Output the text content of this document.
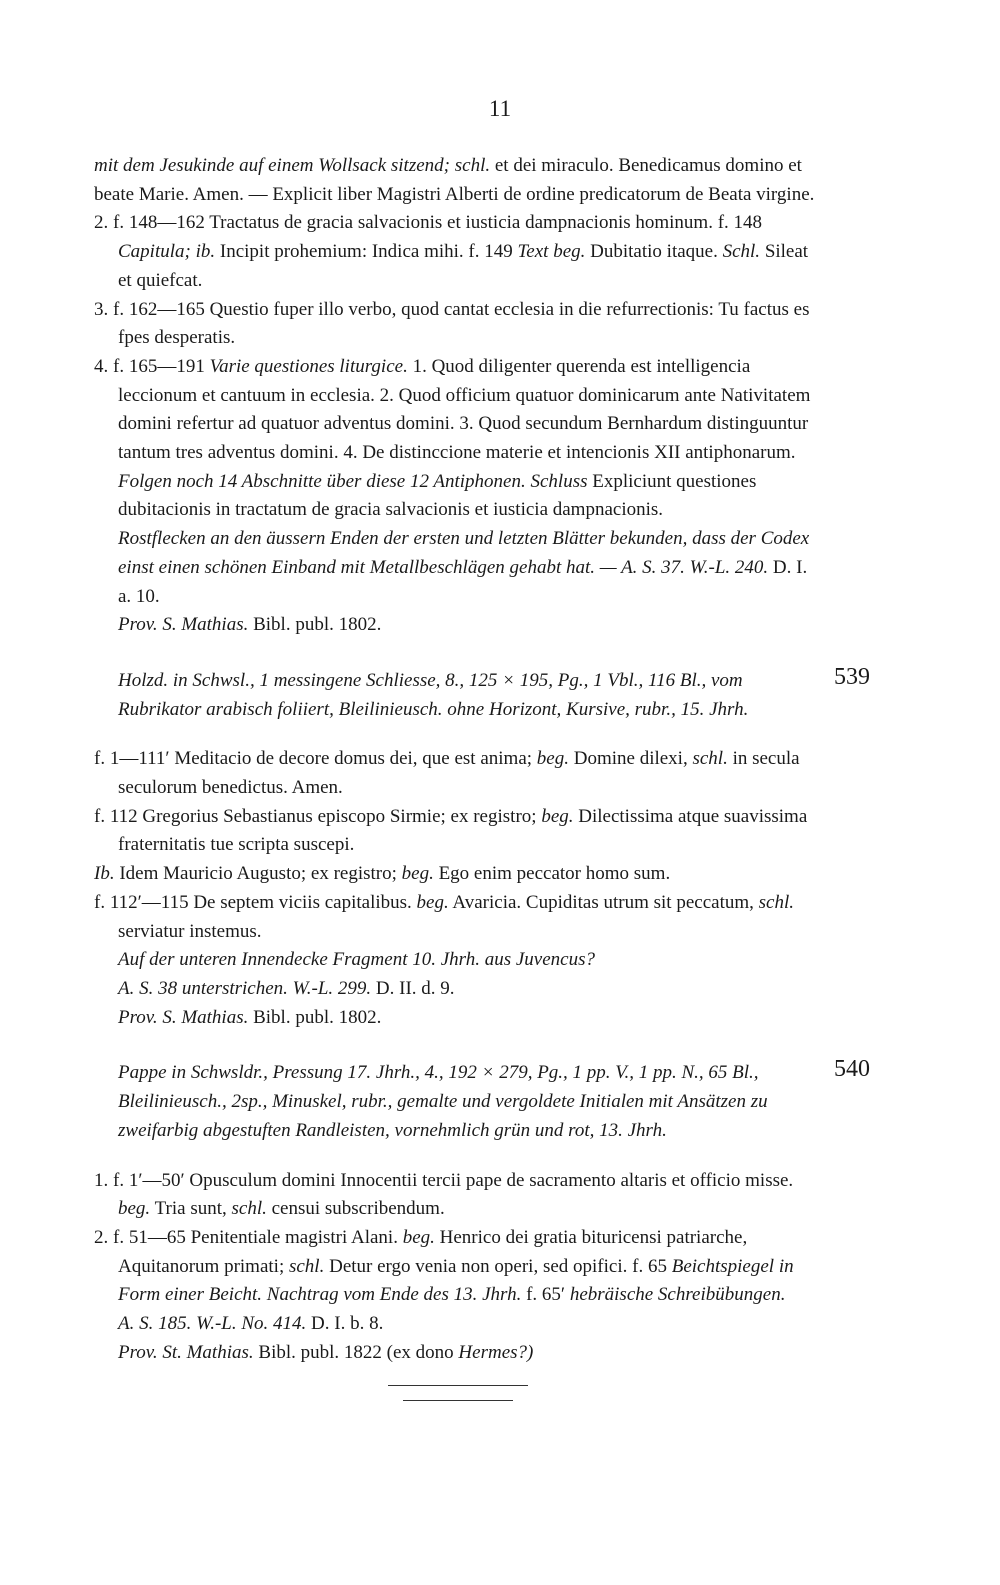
11

mit dem Jesukinde auf einem Wollsack sitzend; schl. et dei miraculo. Benedicamus domino et beate Marie. Amen. — Explicit liber Magistri Alberti de ordine predicatorum de Beata virgine.

2. f. 148—162 Tractatus de gracia salvacionis et iusticia dampnacionis hominum. f. 148 Capitula; ib. Incipit prohemium: Indica mihi. f. 149 Text beg. Dubitatio itaque. Schl. Sileat et quiefcat.

3. f. 162—165 Questio fuper illo verbo, quod cantat ecclesia in die refurrectionis: Tu factus es fpes desperatis.

4. f. 165—191 Varie questiones liturgice. 1. Quod diligenter querenda est intelligencia leccionum et cantuum in ecclesia. 2. Quod officium quatuor dominicarum ante Nativitatem domini refertur ad quatuor adventus domini. 3. Quod secundum Bernhardum distinguuntur tantum tres adventus domini. 4. De distinccione materie et intencionis XII antiphonarum. Folgen noch 14 Abschnitte über diese 12 Antiphonen. Schluss Expliciunt questiones dubitacionis in tractatum de gracia salvacionis et iusticia dampnacionis.

Rostflecken an den äussern Enden der ersten und letzten Blätter bekunden, dass der Codex einst einen schönen Einband mit Metallbeschlägen gehabt hat. — A. S. 37. W.-L. 240. D. I. a. 10.

Prov. S. Mathias. Bibl. publ. 1802.

539

Holzd. in Schwsl., 1 messingene Schliesse, 8., 125 × 195, Pg., 1 Vbl., 116 Bl., vom Rubrikator arabisch foliiert, Bleilinieusch. ohne Horizont, Kursive, rubr., 15. Jhrh.

f. 1—111′ Meditacio de decore domus dei, que est anima; beg. Domine dilexi, schl. in secula seculorum benedictus. Amen.

f. 112 Gregorius Sebastianus episcopo Sirmie; ex registro; beg. Dilectissima atque suavissima fraternitatis tue scripta suscepi.

Ib. Idem Mauricio Augusto; ex registro; beg. Ego enim peccator homo sum.

f. 112′—115 De septem viciis capitalibus. beg. Avaricia. Cupiditas utrum sit peccatum, schl. serviatur instemus.

Auf der unteren Innendecke Fragment 10. Jhrh. aus Juvencus?

A. S. 38 unterstrichen. W.-L. 299. D. II. d. 9.

Prov. S. Mathias. Bibl. publ. 1802.

540

Pappe in Schwsldr., Pressung 17. Jhrh., 4., 192 × 279, Pg., 1 pp. V., 1 pp. N., 65 Bl., Bleilinieusch., 2sp., Minuskel, rubr., gemalte und vergoldete Initialen mit Ansätzen zu zweifarbig abgestuften Randleisten, vornehmlich grün und rot, 13. Jhrh.

1. f. 1′—50′ Opusculum domini Innocentii tercii pape de sacramento altaris et officio misse. beg. Tria sunt, schl. censui subscribendum.

2. f. 51—65 Penitentiale magistri Alani. beg. Henrico dei gratia bituricensi patriarche, Aquitanorum primati; schl. Detur ergo venia non operi, sed opifici. f. 65 Beichtspiegel in Form einer Beicht. Nachtrag vom Ende des 13. Jhrh. f. 65′ hebräische Schreibübungen.

A. S. 185. W.-L. No. 414. D. I. b. 8.

Prov. St. Mathias. Bibl. publ. 1822 (ex dono Hermes?)
